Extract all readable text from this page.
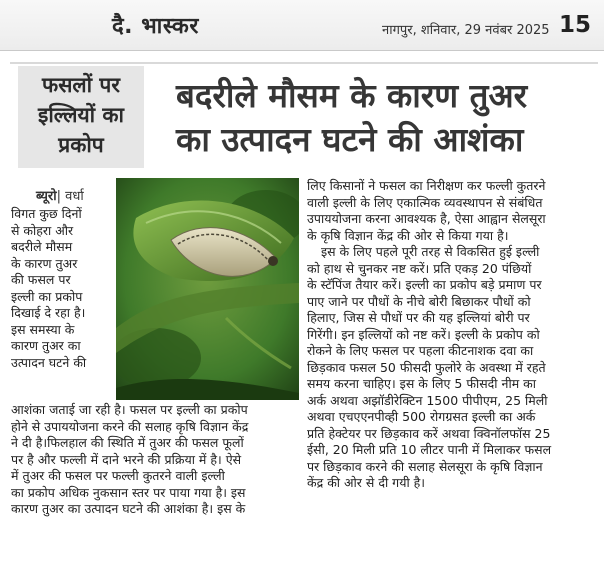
दै. भास्कर	नागपुर, शनिवार, 29 नवंबर 2025 15
फसलों पर
इल्लियों का
प्रकोप
बदरीले मौसम के कारण तुअर
का उत्पादन घटने की आशंका
ब्यूरो| वर्धा
विगत कुछ दिनों
से कोहरा और
बदरीले मौसम
के कारण तुअर
की फसल पर
इल्ली का प्रकोप
दिखाई दे रहा है।
इस समस्या के
कारण तुअर का
उत्पादन घटने की
आशंका जताई जा रही है। फसल पर इल्ली का प्रकोप
होने से उपाययोजना करने की सलाह कृषि विज्ञान केंद्र
ने दी है।फिलहाल की स्थिति में तुअर की फसल फूलों
पर है और फल्ली में दाने भरने की प्रक्रिया में है। ऐसे
में तुअर की फसल पर फल्ली कुतरने वाली इल्ली
का प्रकोप अधिक नुकसान स्तर पर पाया गया है। इस
कारण तुअर का उत्पादन घटने की आशंका है। इस के
लिए किसानों ने फसल का निरीक्षण कर फल्ली कुतरने
वाली इल्ली के लिए एकात्मिक व्यवस्थापन से संबंधित
उपाययोजना करना आवश्यक है, ऐसा आह्वान सेलसूरा
के कृषि विज्ञान केंद्र की ओर से किया गया है।
इस के लिए पहले पूरी तरह से विकसित हुई इल्ली
को हाथ से चुनकर नष्ट करें। प्रति एकड़ 20 पंछियों
के स्टॅपिंज तैयार करें। इल्ली का प्रकोप बड़े प्रमाण पर
पाए जाने पर पौधों के नीचे बोरी बिछाकर पौधों को
हिलाए, जिस से पौधों पर की यह इल्लियां बोरी पर
गिरेंगी। इन इल्लियों को नष्ट करें। इल्ली के प्रकोप को
रोकने के लिए फसल पर पहला कीटनाशक दवा का
छिड़काव फसल 50 फीसदी फुलोरे के अवस्था में रहते
समय करना चाहिए। इस के लिए 5 फीसदी नीम का
अर्क अथवा अझॉडीरेक्टिन 1500 पीपीएम, 25 मिली
अथवा एचएएनपीव्ही 500 रोगग्रसत इल्ली का अर्क
प्रति हेक्टेयर पर छिड़काव करें अथवा क्विनॉलफॉस 25
ईसी, 20 मिली प्रति 10 लीटर पानी में मिलाकर फसल
पर छिड़काव करने की सलाह सेलसूरा के कृषि विज्ञान
केंद्र की ओर से दी गयी है।
